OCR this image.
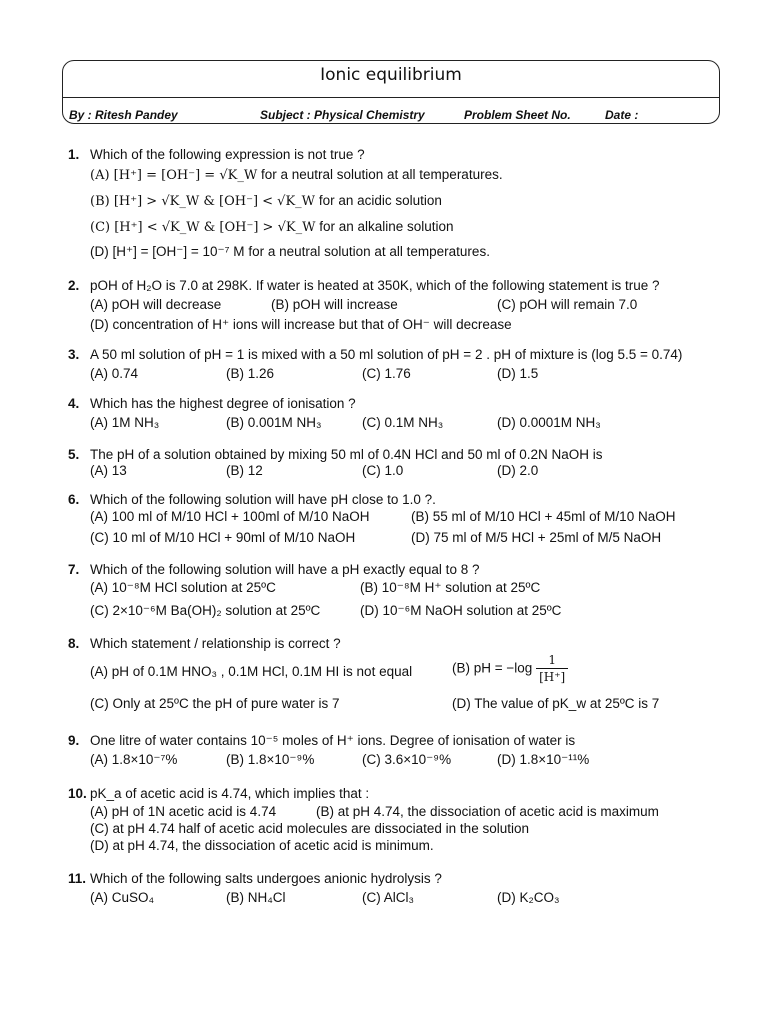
Ionic equilibrium
By : Ritesh Pandey	Subject : Physical Chemistry	Problem Sheet No.	Date :
1. Which of the following expression is not true ?
(A) [H⁺] = [OH⁻] = √K_W for a neutral solution at all temperatures.
(B) [H⁺] > √K_W & [OH⁻] < √K_W for an acidic solution
(C) [H⁺] < √K_W & [OH⁻] > √K_W for an alkaline solution
(D) [H⁺] = [OH⁻] = 10⁻⁷ M for a neutral solution at all temperatures.
2. pOH of H₂O is 7.0 at 298K. If water is heated at 350K, which of the following statement is true ?
(A) pOH will decrease	(B) pOH will increase	(C) pOH will remain 7.0
(D) concentration of H⁺ ions will increase but that of OH⁻ will decrease
3. A 50 ml solution of pH = 1 is mixed with a 50 ml solution of pH = 2 . pH of mixture is (log 5.5 = 0.74)
(A) 0.74	(B) 1.26	(C) 1.76	(D) 1.5
4. Which has the highest degree of ionisation ?
(A) 1M NH₃	(B) 0.001M NH₃	(C) 0.1M NH₃	(D) 0.0001M NH₃
5. The pH of a solution obtained by mixing 50 ml of 0.4N HCl and 50 ml of 0.2N NaOH is
(A) 13	(B) 12	(C) 1.0	(D) 2.0
6. Which of the following solution will have pH close to 1.0 ?.
(A) 100 ml of M/10 HCl + 100ml of M/10 NaOH	(B) 55 ml of M/10 HCl + 45ml of M/10 NaOH
(C) 10 ml of M/10 HCl + 90ml of M/10 NaOH	(D) 75 ml of M/5 HCl + 25ml of M/5 NaOH
7. Which of the following solution will have a pH exactly equal to 8 ?
(A) 10⁻⁸M HCl solution at 25ºC	(B) 10⁻⁸M H⁺ solution at 25ºC
(C) 2×10⁻⁶M Ba(OH)₂ solution at 25ºC	(D) 10⁻⁶M NaOH solution at 25ºC
8. Which statement / relationship is correct ?
(A) pH of 0.1M HNO₃ , 0.1M HCl, 0.1M HI is not equal	(B) pH = $-\log \frac{1}{[H^+]}$
(C) Only at 25ºC the pH of pure water is 7	(D) The value of pK_w at 25ºC is 7
9. One litre of water contains 10⁻⁵ moles of H⁺ ions. Degree of ionisation of water is
(A) 1.8×10⁻⁷%	(B) 1.8×10⁻⁹%	(C) 3.6×10⁻⁹%	(D) 1.8×10⁻¹¹%
10. pK_a of acetic acid is 4.74, which implies that :
(A) pH of 1N acetic acid is 4.74	(B) at pH 4.74, the dissociation of acetic acid is maximum
(C) at pH 4.74 half of acetic acid molecules are dissociated in the solution
(D) at pH 4.74, the dissociation of acetic acid is minimum.
11. Which of the following salts undergoes anionic hydrolysis ?
(A) CuSO₄	(B) NH₄Cl	(C) AlCl₃	(D) K₂CO₃
